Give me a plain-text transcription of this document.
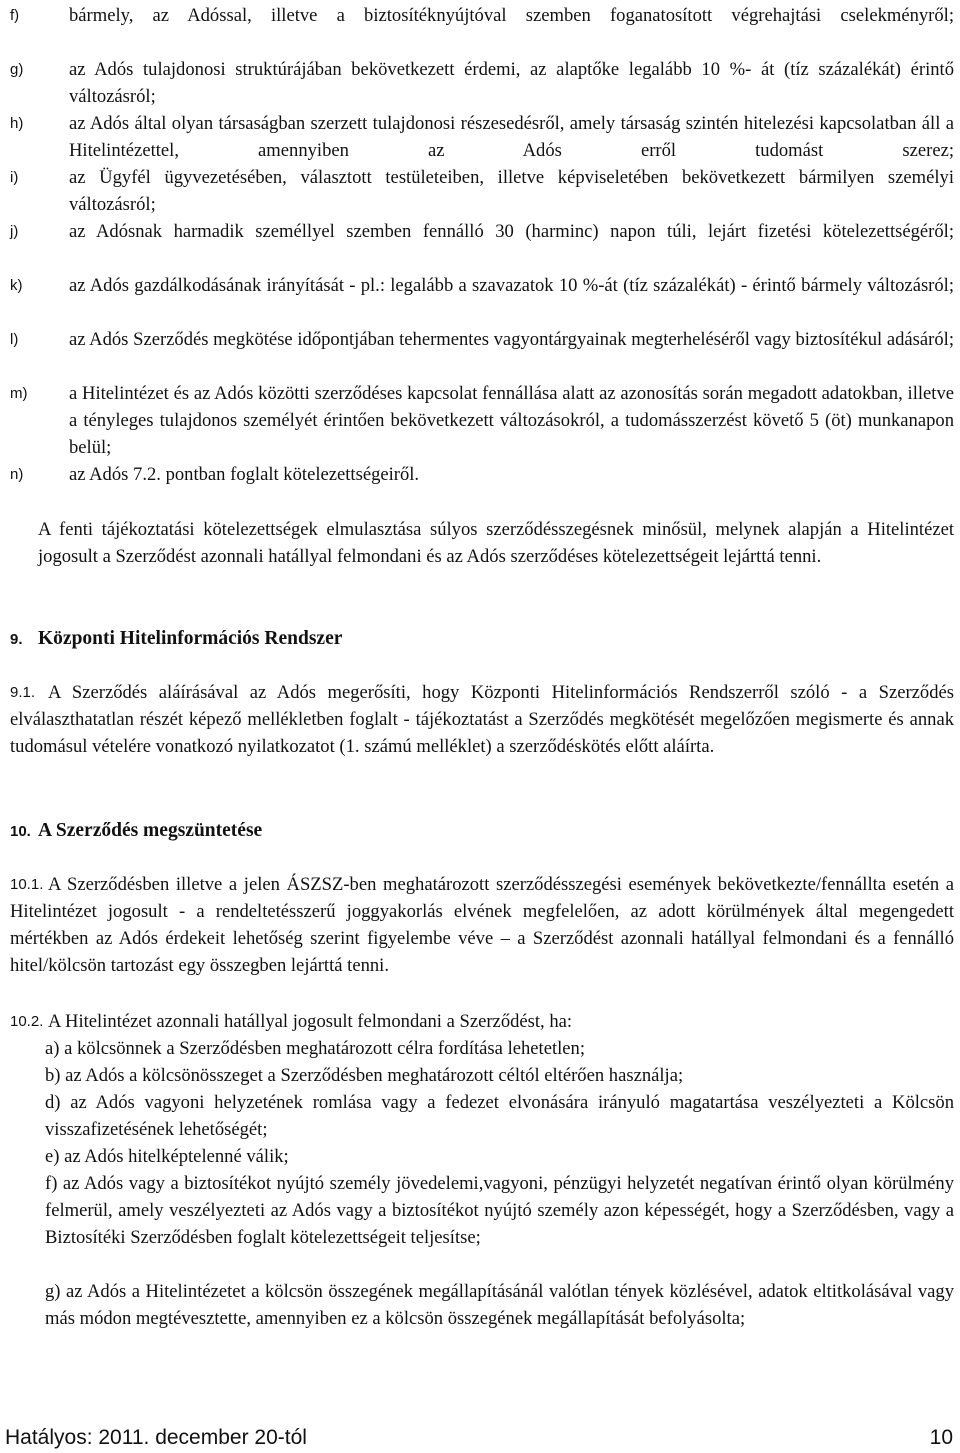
f)	bármely, az Adóssal, illetve a biztosítéknyújtóval szemben foganatosított végrehajtási cselekményről;
g) az Adós tulajdonosi struktúrájában bekövetkezett érdemi, az alaptőke legalább 10 %- át (tíz százalékát) érintő változásról;
h) az Adós által olyan társaságban szerzett tulajdonosi részesedésről, amely társaság szintén hitelezési kapcsolatban áll a Hitelintézettel, amennyiben az Adós erről tudomást szerez;
i)	az Ügyfél ügyvezetésében, választott testületeiben, illetve képviseletében bekövetkezett bármilyen személyi változásról;
j)	az Adósnak harmadik személlyel szemben fennálló 30 (harminc) napon túli, lejárt fizetési kötelezettségéről;
k)	az Adós gazdálkodásának irányítását - pl.: legalább a szavazatok 10 %-át (tíz százalékát) - érintő bármely változásról;
l)	az Adós Szerződés megkötése időpontjában tehermentes vagyontárgyainak megterheléséről vagy biztosítékul adásáról;
m) a Hitelintézet és az Adós közötti szerződéses kapcsolat fennállása alatt az azonosítás során megadott adatokban, illetve a tényleges tulajdonos személyét érintően bekövetkezett változásokról, a tudomásszerzést követő 5 (öt) munkanapon belül;
n) az Adós 7.2. pontban foglalt kötelezettségeiről.
A fenti tájékoztatási kötelezettségek elmulasztása súlyos szerződésszegésnek minősül, melynek alapján a Hitelintézet jogosult a Szerződést azonnali hatállyal felmondani és az Adós szerződéses kötelezettségeit lejárttá tenni.
9. Központi Hitelinformációs Rendszer
9.1. A Szerződés aláírásával az Adós megerősíti, hogy Központi Hitelinformációs Rendszerről szóló - a Szerződés elválaszthatatlan részét képező mellékletben foglalt - tájékoztatást a Szerződés megkötését megelőzően megismerte és annak tudomásul vételére vonatkozó nyilatkozatot (1. számú melléklet) a szerződéskötés előtt aláírta.
10. A Szerződés megszüntetése
10.1. A Szerződésben illetve a jelen ÁSZSZ-ben meghatározott szerződésszegési események bekövetkezte/fennállta esetén a Hitelintézet jogosult - a rendeltetésszerű joggyakorlás elvének megfelelően, az adott körülmények által megengedett mértékben az Adós érdekeit lehetőség szerint figyelembe véve – a Szerződést azonnali hatállyal felmondani és a fennálló hitel/kölcsön tartozást egy összegben lejárttá tenni.
10.2. A Hitelintézet azonnali hatállyal jogosult felmondani a Szerződést, ha:
a) a kölcsönnek a Szerződésben meghatározott célra fordítása lehetetlen;
b) az Adós a kölcsönösszeget a Szerződésben meghatározott céltól eltérően használja;
d) az Adós vagyoni helyzetének romlása vagy a fedezet elvonására irányuló magatartása veszélyezteti a Kölcsön visszafizetésének lehetőségét;
e) az Adós hitelképtelenné válik;
f) az Adós vagy a biztosítékot nyújtó személy jövedelemi,vagyoni, pénzügyi helyzetét negatívan érintő olyan körülmény felmerül, amely veszélyezteti az Adós vagy a biztosítékot nyújtó személy azon képességét, hogy a Szerződésben, vagy a Biztosítéki Szerződésben foglalt kötelezettségeit teljesítse;
g) az Adós a Hitelintézetet a kölcsön összegének megállapításánál valótlan tények közlésével, adatok eltitkolásával vagy más módon megtévesztette, amennyiben ez a kölcsön összegének megállapítását befolyásolta;
Hatályos: 2011. december 20-tól	10
